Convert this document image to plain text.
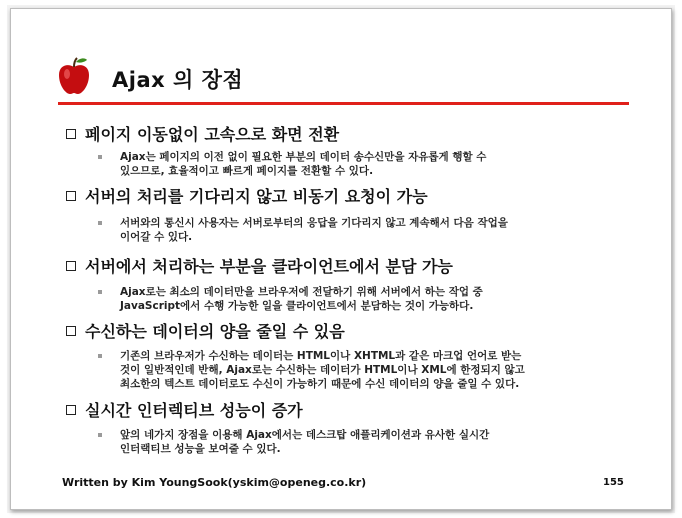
Ajax 의 장점
페이지 이동없이 고속으로 화면 전환
Ajax는 페이지의 이전 없이 필요한 부분의 데이터 송수신만을 자유롭게 행할 수
있으므로, 효율적이고 빠르게 페이지를 전환할 수 있다.
서버의 처리를 기다리지 않고 비동기 요청이 가능
서버와의 통신시 사용자는 서버로부터의 응답을 기다리지 않고 계속해서 다음 작업을
이어갈 수 있다.
서버에서 처리하는 부분을 클라이언트에서 분담 가능
Ajax로는 최소의 데이터만을 브라우저에 전달하기 위해 서버에서 하는 작업 중
JavaScript에서 수행 가능한 일을 클라이언트에서 분담하는 것이 가능하다.
수신하는 데이터의 양을 줄일 수 있음
기존의 브라우저가 수신하는 데이터는 HTML이나 XHTML과 같은 마크업 언어로 받는
것이 일반적인데 반해, Ajax로는 수신하는 데이터가 HTML이나 XML에 한정되지 않고
최소한의 텍스트 데이터로도 수신이 가능하기 때문에 수신 데이터의 양을 줄일 수 있다.
실시간 인터렉티브 성능이 증가
앞의 네가지 장점을 이용해 Ajax에서는 데스크탑 애플리케이션과 유사한 실시간
인터랙티브 성능을 보여줄 수 있다.
Written by Kim YoungSook(yskim@openeg.co.kr)	155
